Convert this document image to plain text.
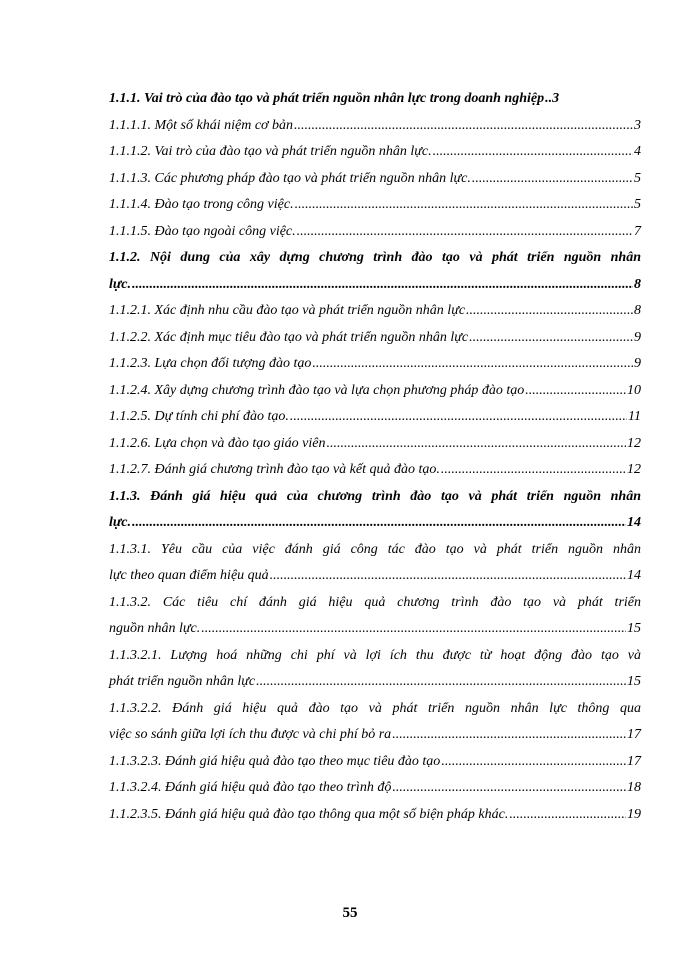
1.1.1. Vai trò của đào tạo và phát triển nguồn nhân lực trong doanh nghiệp ..... 3
1.1.1.1. Một số khái niệm cơ bản .....	3
1.1.1.2. Vai trò của đào tạo và phát triển nguồn nhân lực. .....	4
1.1.1.3. Các phương pháp đào tạo và phát triển nguồn nhân lực. .....	5
1.1.1.4. Đào tạo trong công việc. .....	5
1.1.1.5. Đào tạo ngoài công việc. .....	7
1.1.2. Nội dung của xây dựng chương trình đào tạo và phát triển nguồn nhân
lực. .....	8
1.1.2.1. Xác định nhu cầu đào tạo và phát triển nguồn nhân lực .....	8
1.1.2.2. Xác định mục tiêu đào tạo và phát triển nguồn nhân lực .....	9
1.1.2.3. Lựa chọn đối tượng đào tạo .....	9
1.1.2.4. Xây dựng chương trình đào tạo và lựa chọn phương pháp đào tạo .....	10
1.1.2.5. Dự tính chi phí đào tạo. .....	11
1.1.2.6. Lựa chọn và đào tạo giáo viên .....	12
1.1.2.7. Đánh giá chương trình đào tạo và kết quả đào tạo. .....	12
1.1.3. Đánh giá hiệu quả của chương trình đào tạo và phát triển nguồn nhân
lực. .....	14
1.1.3.1. Yêu cầu của việc đánh giá công tác đào tạo và phát triển nguồn nhân
lực theo quan điểm hiệu quả .....	14
1.1.3.2. Các tiêu chí đánh giá hiệu quả chương trình đào tạo và phát triển
nguồn nhân lực. .....	15
1.1.3.2.1. Lượng hoá những chi phí và lợi ích thu được từ hoạt động đào tạo và
phát triển nguồn nhân lực .....	15
1.1.3.2.2. Đánh giá hiệu quả đào tạo và phát triển nguồn nhân lực thông qua
việc so sánh giữa lợi ích thu được và chi phí bỏ ra .....	17
1.1.3.2.3. Đánh giá hiệu quả đào tạo theo mục tiêu đào tạo .....	17
1.1.3.2.4. Đánh giá hiệu quả đào tạo theo trình độ .....	18
1.1.2.3.5. Đánh giá hiệu quả đào tạo thông qua một số biện pháp khác. .....	19
55
